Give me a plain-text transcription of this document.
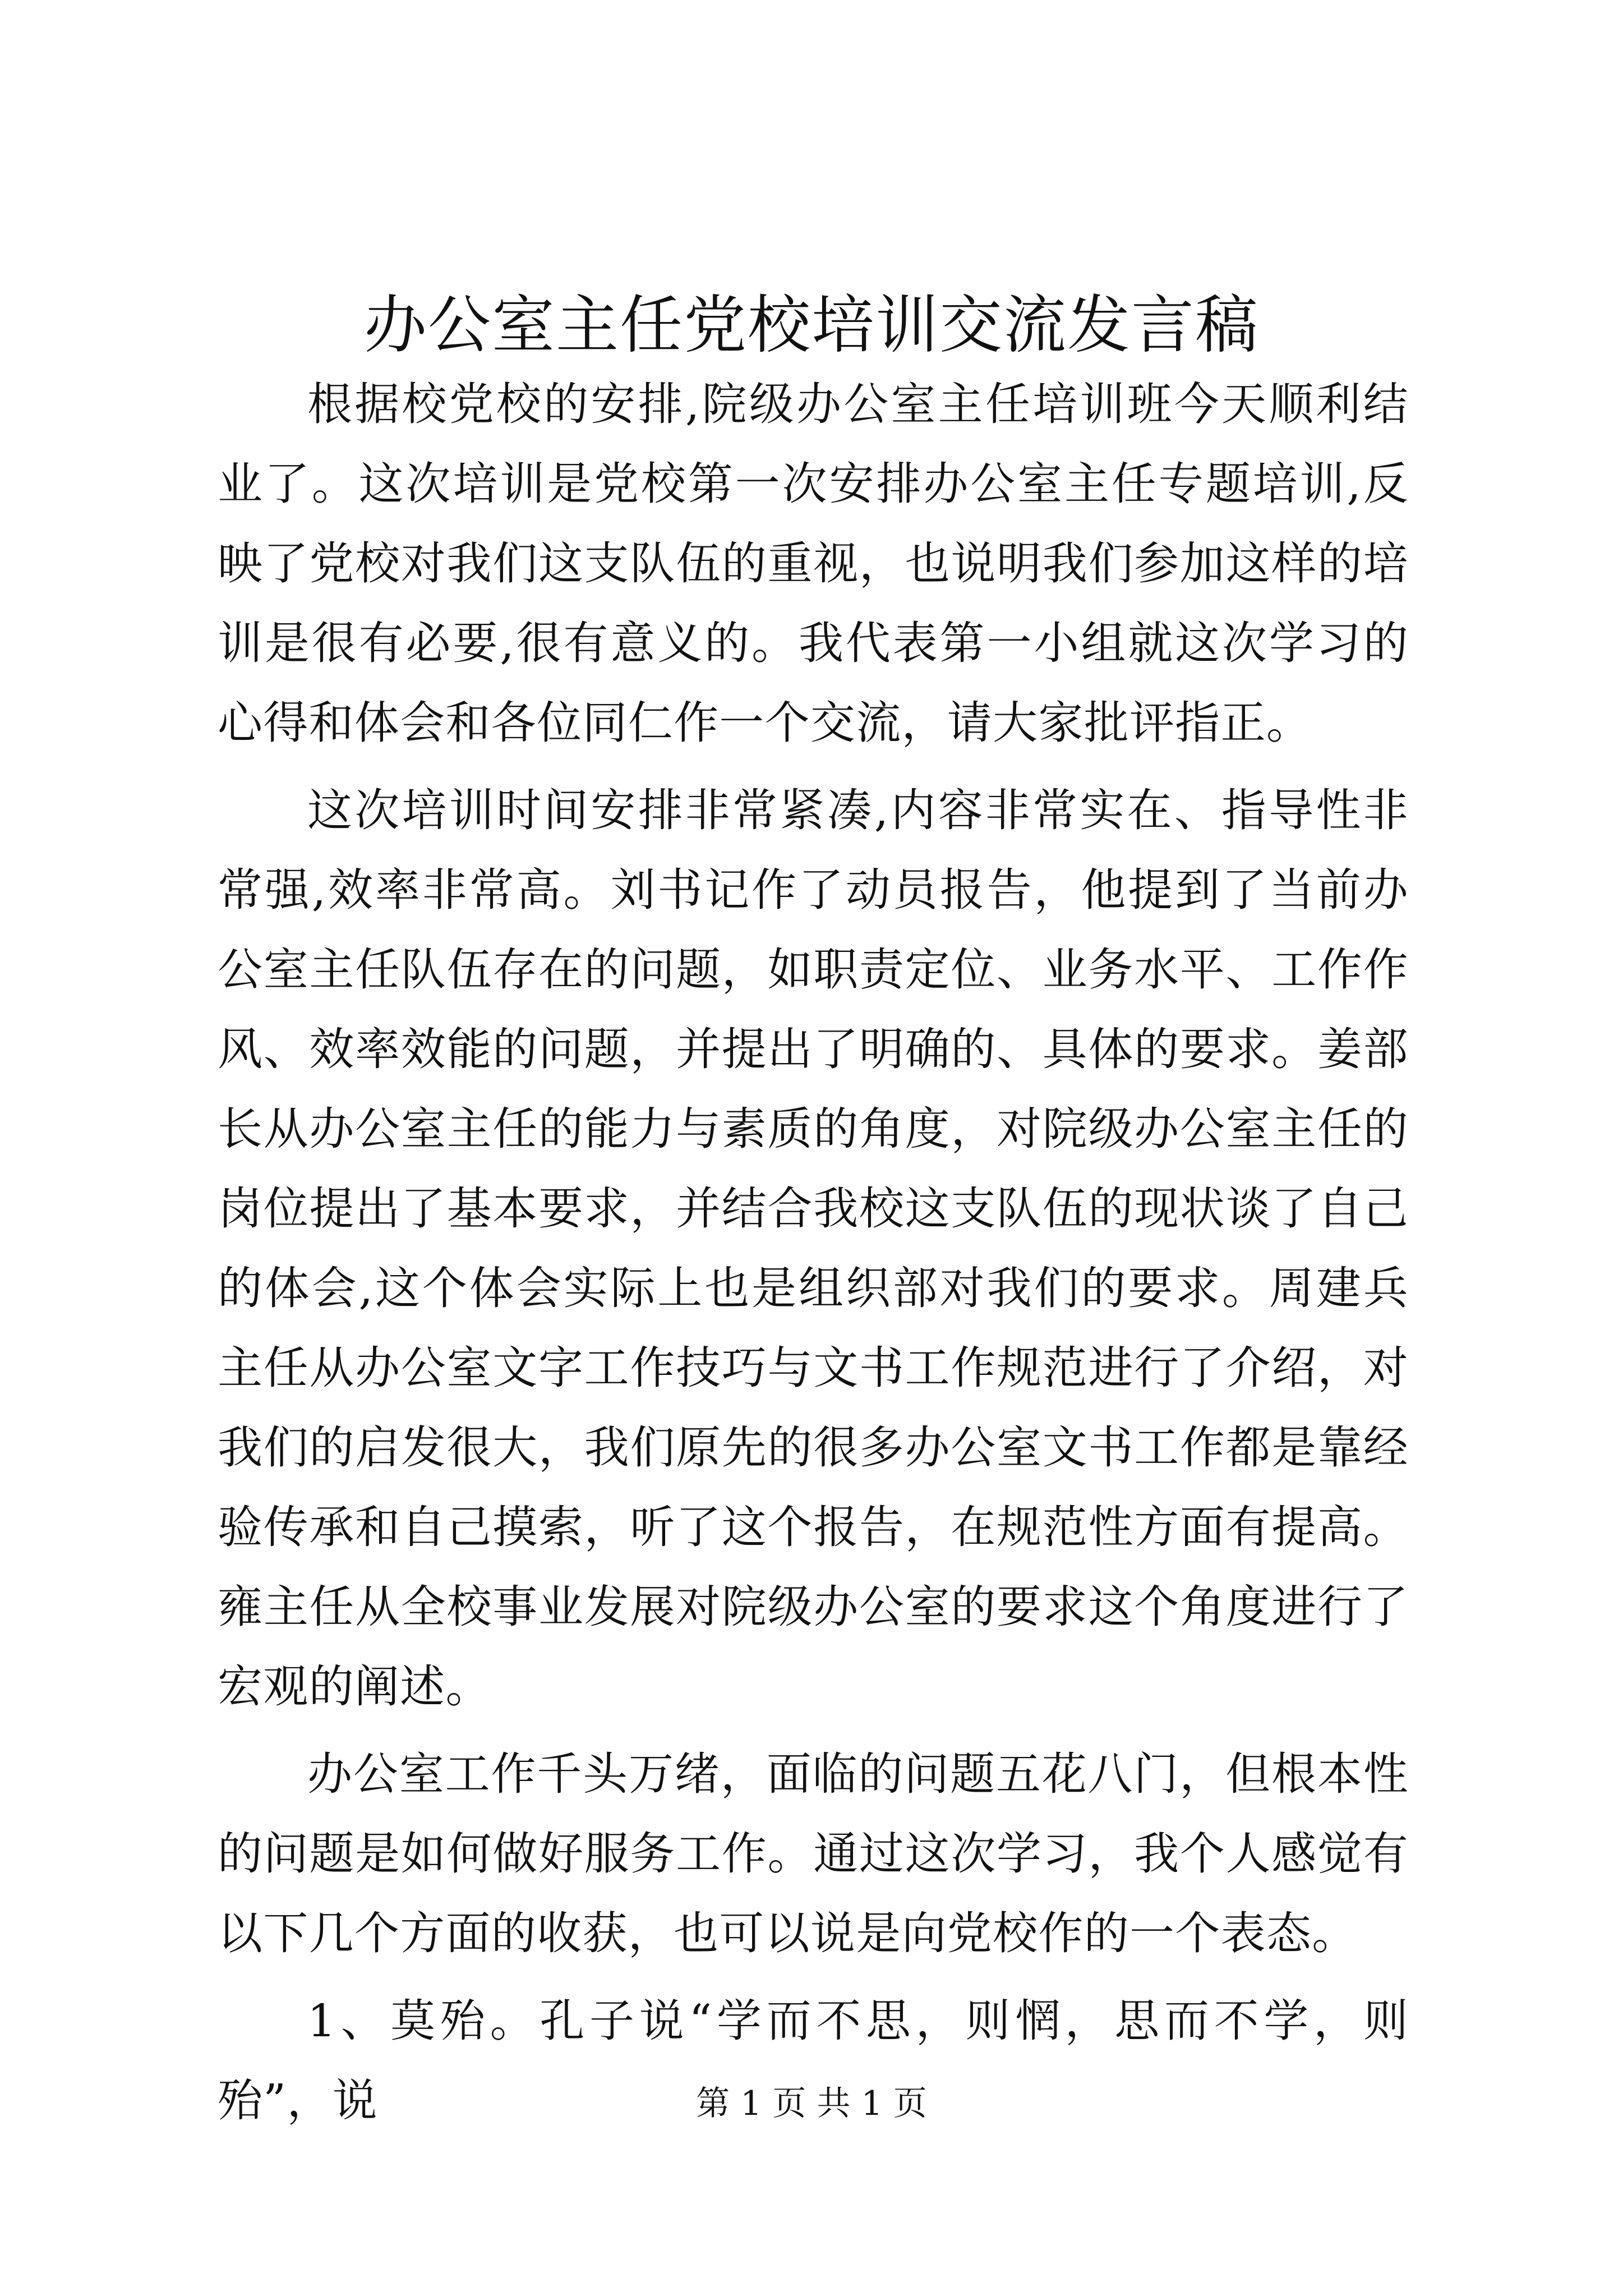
办公室主任党校培训交流发言稿

根据校党校的安排,院级办公室主任培训班今天顺利结业了。这次培训是党校第一次安排办公室主任专题培训,反映了党校对我们这支队伍的重视，也说明我们参加这样的培训是很有必要,很有意义的。我代表第一小组就这次学习的心得和体会和各位同仁作一个交流，请大家批评指正。

这次培训时间安排非常紧凑,内容非常实在、指导性非常强,效率非常高。刘书记作了动员报告，他提到了当前办公室主任队伍存在的问题，如职责定位、业务水平、工作作风、效率效能的问题，并提出了明确的、具体的要求。姜部长从办公室主任的能力与素质的角度，对院级办公室主任的岗位提出了基本要求，并结合我校这支队伍的现状谈了自己的体会,这个体会实际上也是组织部对我们的要求。周建兵主任从办公室文字工作技巧与文书工作规范进行了介绍，对我们的启发很大，我们原先的很多办公室文书工作都是靠经验传承和自己摸索，听了这个报告，在规范性方面有提高。雍主任从全校事业发展对院级办公室的要求这个角度进行了宏观的阐述。

办公室工作千头万绪，面临的问题五花八门，但根本性的问题是如何做好服务工作。通过这次学习，我个人感觉有以下几个方面的收获，也可以说是向党校作的一个表态。

1、莫殆。孔子说“学而不思，则惘，思而不学，则殆”，说	第 1 页 共 1 页
